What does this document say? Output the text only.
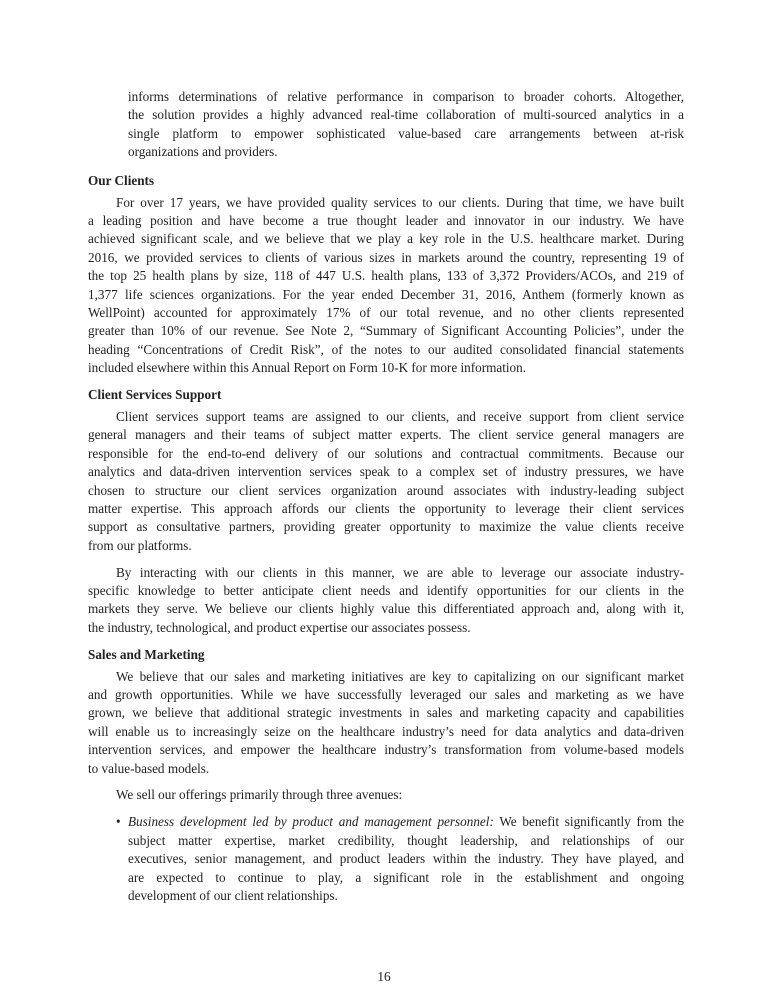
informs determinations of relative performance in comparison to broader cohorts. Altogether,
the solution provides a highly advanced real-time collaboration of multi-sourced analytics in a
single platform to empower sophisticated value-based care arrangements between at-risk
organizations and providers.
Our Clients
For over 17 years, we have provided quality services to our clients. During that time, we have built
a leading position and have become a true thought leader and innovator in our industry. We have
achieved significant scale, and we believe that we play a key role in the U.S. healthcare market. During
2016, we provided services to clients of various sizes in markets around the country, representing 19 of
the top 25 health plans by size, 118 of 447 U.S. health plans, 133 of 3,372 Providers/ACOs, and 219 of
1,377 life sciences organizations. For the year ended December 31, 2016, Anthem (formerly known as
WellPoint) accounted for approximately 17% of our total revenue, and no other clients represented
greater than 10% of our revenue. See Note 2, “Summary of Significant Accounting Policies”, under the
heading “Concentrations of Credit Risk”, of the notes to our audited consolidated financial statements
included elsewhere within this Annual Report on Form 10-K for more information.
Client Services Support
Client services support teams are assigned to our clients, and receive support from client service
general managers and their teams of subject matter experts. The client service general managers are
responsible for the end-to-end delivery of our solutions and contractual commitments. Because our
analytics and data-driven intervention services speak to a complex set of industry pressures, we have
chosen to structure our client services organization around associates with industry-leading subject
matter expertise. This approach affords our clients the opportunity to leverage their client services
support as consultative partners, providing greater opportunity to maximize the value clients receive
from our platforms.
By interacting with our clients in this manner, we are able to leverage our associate industry-
specific knowledge to better anticipate client needs and identify opportunities for our clients in the
markets they serve. We believe our clients highly value this differentiated approach and, along with it,
the industry, technological, and product expertise our associates possess.
Sales and Marketing
We believe that our sales and marketing initiatives are key to capitalizing on our significant market
and growth opportunities. While we have successfully leveraged our sales and marketing as we have
grown, we believe that additional strategic investments in sales and marketing capacity and capabilities
will enable us to increasingly seize on the healthcare industry’s need for data analytics and data-driven
intervention services, and empower the healthcare industry’s transformation from volume-based models
to value-based models.
We sell our offerings primarily through three avenues:
• Business development led by product and management personnel: We benefit significantly from the
subject matter expertise, market credibility, thought leadership, and relationships of our
executives, senior management, and product leaders within the industry. They have played, and
are expected to continue to play, a significant role in the establishment and ongoing
development of our client relationships.
16
